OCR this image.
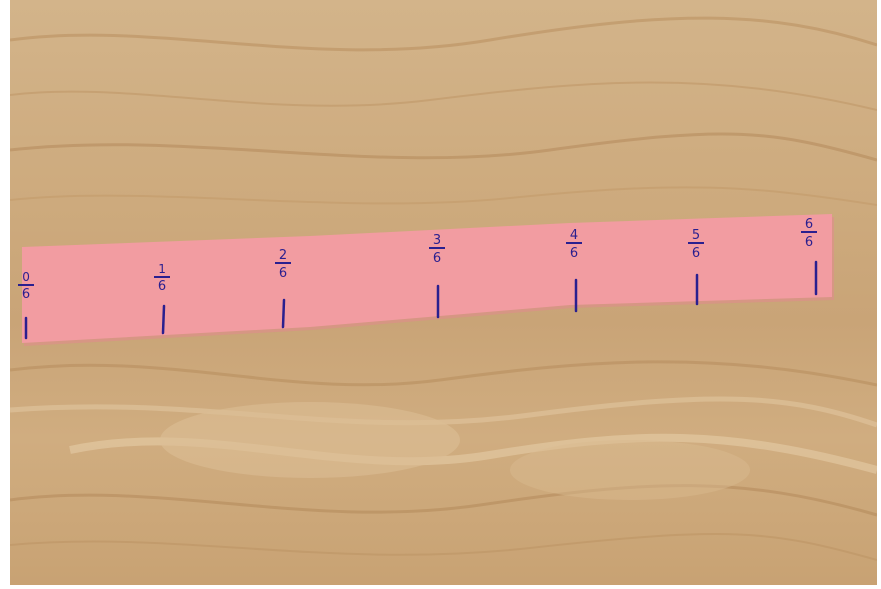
0
6
1
6
2
6
3
6
4
6
5
6
6
6
